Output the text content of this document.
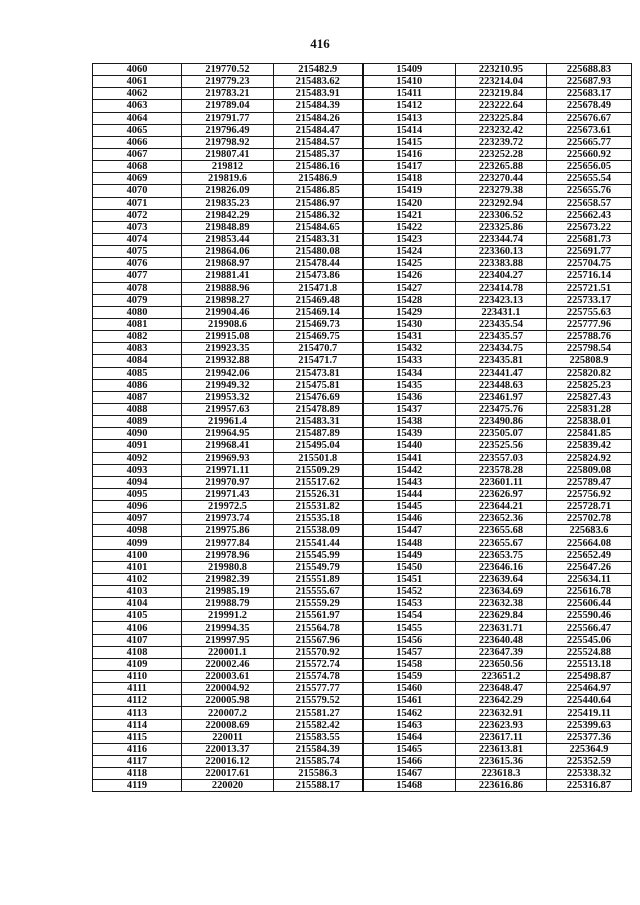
416
4060	219770.52	215482.9	15409	223210.95	225688.83
4061	219779.23	215483.62	15410	223214.04	225687.93
4062	219783.21	215483.91	15411	223219.84	225683.17
4063	219789.04	215484.39	15412	223222.64	225678.49
4064	219791.77	215484.26	15413	223225.84	225676.67
4065	219796.49	215484.47	15414	223232.42	225673.61
4066	219798.92	215484.57	15415	223239.72	225665.77
4067	219807.41	215485.37	15416	223252.28	225660.92
4068	219812	215486.16	15417	223265.88	225656.05
4069	219819.6	215486.9	15418	223270.44	225655.54
4070	219826.09	215486.85	15419	223279.38	225655.76
4071	219835.23	215486.97	15420	223292.94	225658.57
4072	219842.29	215486.32	15421	223306.52	225662.43
4073	219848.89	215484.65	15422	223325.86	225673.22
4074	219853.44	215483.31	15423	223344.74	225681.73
4075	219864.06	215480.08	15424	223360.13	225691.77
4076	219868.97	215478.44	15425	223383.88	225704.75
4077	219881.41	215473.86	15426	223404.27	225716.14
4078	219888.96	215471.8	15427	223414.78	225721.51
4079	219898.27	215469.48	15428	223423.13	225733.17
4080	219904.46	215469.14	15429	223431.1	225755.63
4081	219908.6	215469.73	15430	223435.54	225777.96
4082	219915.08	215469.75	15431	223435.57	225788.76
4083	219923.35	215470.7	15432	223434.75	225798.54
4084	219932.88	215471.7	15433	223435.81	225808.9
4085	219942.06	215473.81	15434	223441.47	225820.82
4086	219949.32	215475.81	15435	223448.63	225825.23
4087	219953.32	215476.69	15436	223461.97	225827.43
4088	219957.63	215478.89	15437	223475.76	225831.28
4089	219961.4	215483.31	15438	223490.86	225838.01
4090	219964.95	215487.89	15439	223505.07	225841.85
4091	219968.41	215495.04	15440	223525.56	225839.42
4092	219969.93	215501.8	15441	223557.03	225824.92
4093	219971.11	215509.29	15442	223578.28	225809.08
4094	219970.97	215517.62	15443	223601.11	225789.47
4095	219971.43	215526.31	15444	223626.97	225756.92
4096	219972.5	215531.82	15445	223644.21	225728.71
4097	219973.74	215535.18	15446	223652.36	225702.78
4098	219975.86	215538.09	15447	223655.68	225683.6
4099	219977.84	215541.44	15448	223655.67	225664.08
4100	219978.96	215545.99	15449	223653.75	225652.49
4101	219980.8	215549.79	15450	223646.16	225647.26
4102	219982.39	215551.89	15451	223639.64	225634.11
4103	219985.19	215555.67	15452	223634.69	225616.78
4104	219988.79	215559.29	15453	223632.38	225606.44
4105	219991.2	215561.97	15454	223629.84	225590.46
4106	219994.35	215564.78	15455	223631.71	225566.47
4107	219997.95	215567.96	15456	223640.48	225545.06
4108	220001.1	215570.92	15457	223647.39	225524.88
4109	220002.46	215572.74	15458	223650.56	225513.18
4110	220003.61	215574.78	15459	223651.2	225498.87
4111	220004.92	215577.77	15460	223648.47	225464.97
4112	220005.98	215579.52	15461	223642.29	225440.64
4113	220007.2	215581.27	15462	223632.91	225419.11
4114	220008.69	215582.42	15463	223623.93	225399.63
4115	220011	215583.55	15464	223617.11	225377.36
4116	220013.37	215584.39	15465	223613.81	225364.9
4117	220016.12	215585.74	15466	223615.36	225352.59
4118	220017.61	215586.3	15467	223618.3	225338.32
4119	220020	215588.17	15468	223616.86	225316.87
